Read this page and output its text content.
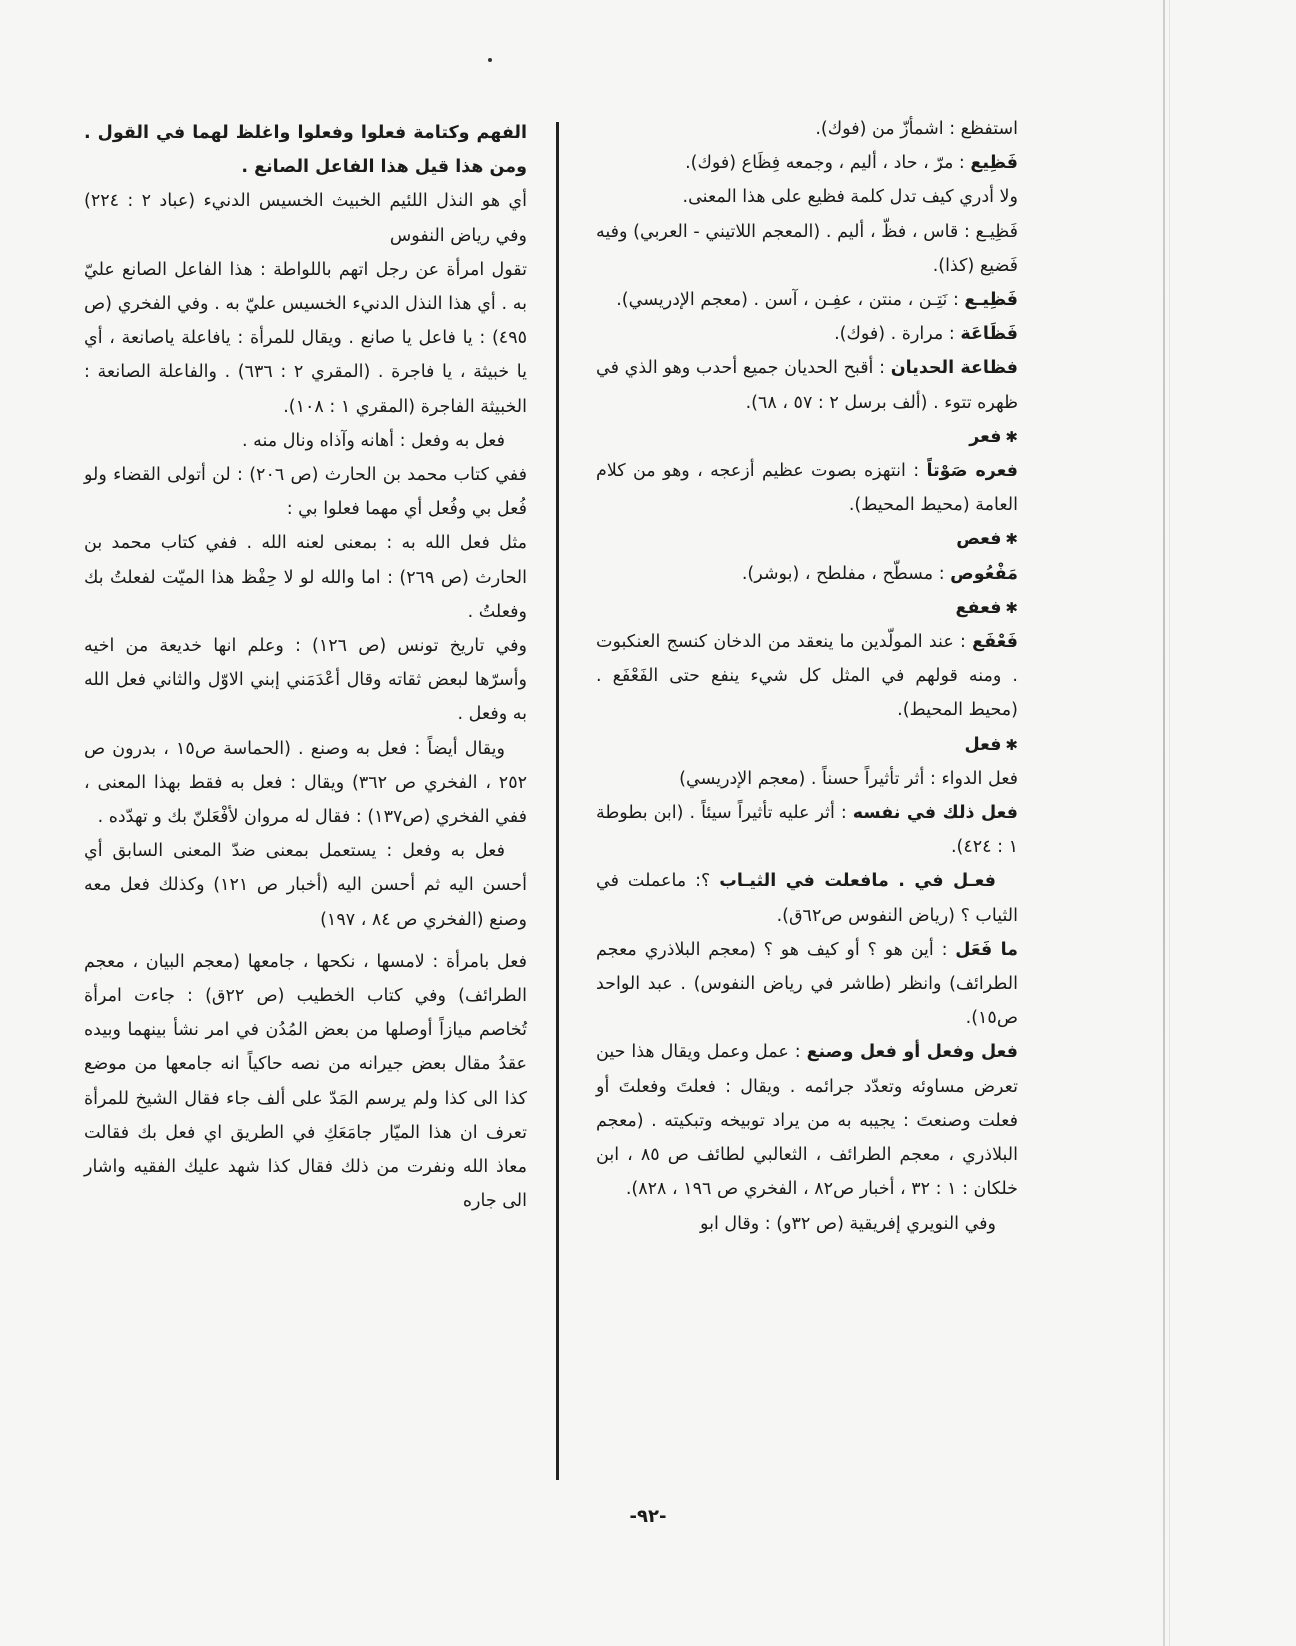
استفظع : اشمأزّ من (فوك).

فَظِيع : مرّ ، حاد ، أليم ، وجمعه فِظَاع (فوك).

ولا أدري كيف تدل كلمة فظيع على هذا المعنى.

فَظِيـع : قاس ، فظّ ، أليم . (المعجم اللاتيني - العربي) وفيه فَضيع (كذا).

فَظِيـع : نَتِـن ، منتن ، عفِـن ، آسن . (معجم الإدريسي).

فَظَاعَة : مرارة . (فوك).

فظاعة الحديان : أقبح الحديان جميع أحدب وهو الذي في ظهره تتوء . (ألف برسل ٢ : ٥٧ ، ٦٨).

✱فعر

فعره صَوْتاً : انتهزه بصوت عظيم أزعجه ، وهو من كلام العامة (محيط المحيط).

✱فعص

مَفْعُوص : مسطّح ، مفلطح ، (بوشر).

✱فعفع

فَعْفَع : عند المولّدين ما ينعقد من الدخان كنسج العنكبوت . ومنه قولهم في المثل كل شيء ينفع حتى الفَعْفَع . (محيط المحيط).

✱فعل

فعل الدواء : أثر تأثيراً حسناً . (معجم الإدريسي)

فعل ذلك في نفسه : أثر عليه تأثيراً سيئاً . (ابن بطوطة ١ : ٤٢٤).

فعـل في . مافعلت في الثيـاب ؟: ماعملت في الثياب ؟ (رياض النفوس ص٦٢ق).

ما فَعَل : أين هو ؟ أو كيف هو ؟ (معجم البلاذري معجم الطرائف) وانظر (طاشر في رياض النفوس) . عبد الواحد ص١٥).

فعل وفعل أو فعل وصنع : عمل وعمل ويقال هذا حين تعرض مساوئه وتعدّد جرائمه . ويقال : فعلتَ وفعلتَ أو فعلت وصنعتَ : يجيبه به من يراد توبيخه وتبكيته . (معجم البلاذري ، معجم الطرائف ، الثعالبي لطائف ص ٨٥ ، ابن خلكان : ١ : ٣٢ ، أخبار ص٨٢ ، الفخري ص ١٩٦ ، ٨٢٨).

وفي النويري إفريقية (ص ٣٢و) : وقال ابو

الفهم وكتامة فعلوا وفعلوا واغلظ لهما في القول . ومن هذا قيل هذا الفاعل الصانع .

أي هو النذل اللئيم الخبيث الخسيس الدنيء (عباد ٢ : ٢٢٤) وفي رياض النفوس

تقول امرأة عن رجل اتهم باللواطة : هذا الفاعل الصانع عليّ به . أي هذا النذل الدنيء الخسيس عليّ به . وفي الفخري (ص ٤٩٥) : يا فاعل يا صانع . ويقال للمرأة : يافاعلة ياصانعة ، أي يا خبيثة ، يا فاجرة . (المقري ٢ : ٦٣٦) . والفاعلة الصانعة : الخبيثة الفاجرة (المقري ١ : ١٠٨).

فعل به وفعل : أهانه وآذاه ونال منه .

ففي كتاب محمد بن الحارث (ص ٢٠٦) : لن أتولى القضاء ولو فُعل بي وفُعل أي مهما فعلوا بي :

مثل فعل الله به : بمعنى لعنه الله . ففي كتاب محمد بن الحارث (ص ٢٦٩) : اما والله لو لا حِفْظ هذا الميّت لفعلتُ بك وفعلتُ .

وفي تاريخ تونس (ص ١٢٦) : وعلم انها خديعة من اخيه وأسرّها لبعض ثقاته وقال أعْدَمَني إبني الاوّل والثاني فعل الله به وفعل .

ويقال أيضاً : فعل به وصنع . (الحماسة ص١٥ ، بدرون ص ٢٥٢ ، الفخري ص ٣٦٢) ويقال : فعل به فقط بهذا المعنى ، ففي الفخري (ص١٣٧) : فقال له مروان لأفْعَلنّ بك و تهدّده .

فعل به وفعل : يستعمل بمعنى ضدّ المعنى السابق أي أحسن اليه ثم أحسن اليه (أخبار ص ١٢١) وكذلك فعل معه وصنع (الفخري ص ٨٤ ، ١٩٧)

فعل بامرأة : لامسها ، نكحها ، جامعها (معجم البيان ، معجم الطرائف) وفي كتاب الخطيب (ص ٢٢ق) : جاءت امرأة تُخاصم ميازاً أوصلها من بعض المُدُن في امر نشأ بينهما وبيده عقدُ مقال بعض جيرانه من نصه حاكياً انه جامعها من موضع كذا الى كذا ولم يرسم المَدّ على ألف جاء فقال الشيخ للمرأة تعرف ان هذا الميّار جامَعَكِ في الطريق اي فعل بك فقالت معاذ الله ونفرت من ذلك فقال كذا شهد عليك الفقيه واشار الى جاره

-٩٢-
